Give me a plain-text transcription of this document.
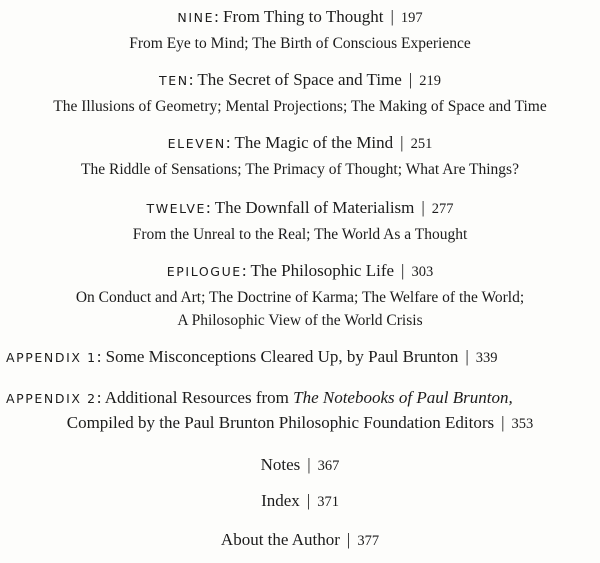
NINE: From Thing to Thought | 197
From Eye to Mind; The Birth of Conscious Experience
TEN: The Secret of Space and Time | 219
The Illusions of Geometry; Mental Projections; The Making of Space and Time
ELEVEN: The Magic of the Mind | 251
The Riddle of Sensations; The Primacy of Thought; What Are Things?
TWELVE: The Downfall of Materialism | 277
From the Unreal to the Real; The World As a Thought
EPILOGUE: The Philosophic Life | 303
On Conduct and Art; The Doctrine of Karma; The Welfare of the World;
A Philosophic View of the World Crisis
APPENDIX 1: Some Misconceptions Cleared Up, by Paul Brunton | 339
APPENDIX 2: Additional Resources from The Notebooks of Paul Brunton,
Compiled by the Paul Brunton Philosophic Foundation Editors | 353
Notes | 367
Index | 371
About the Author | 377
